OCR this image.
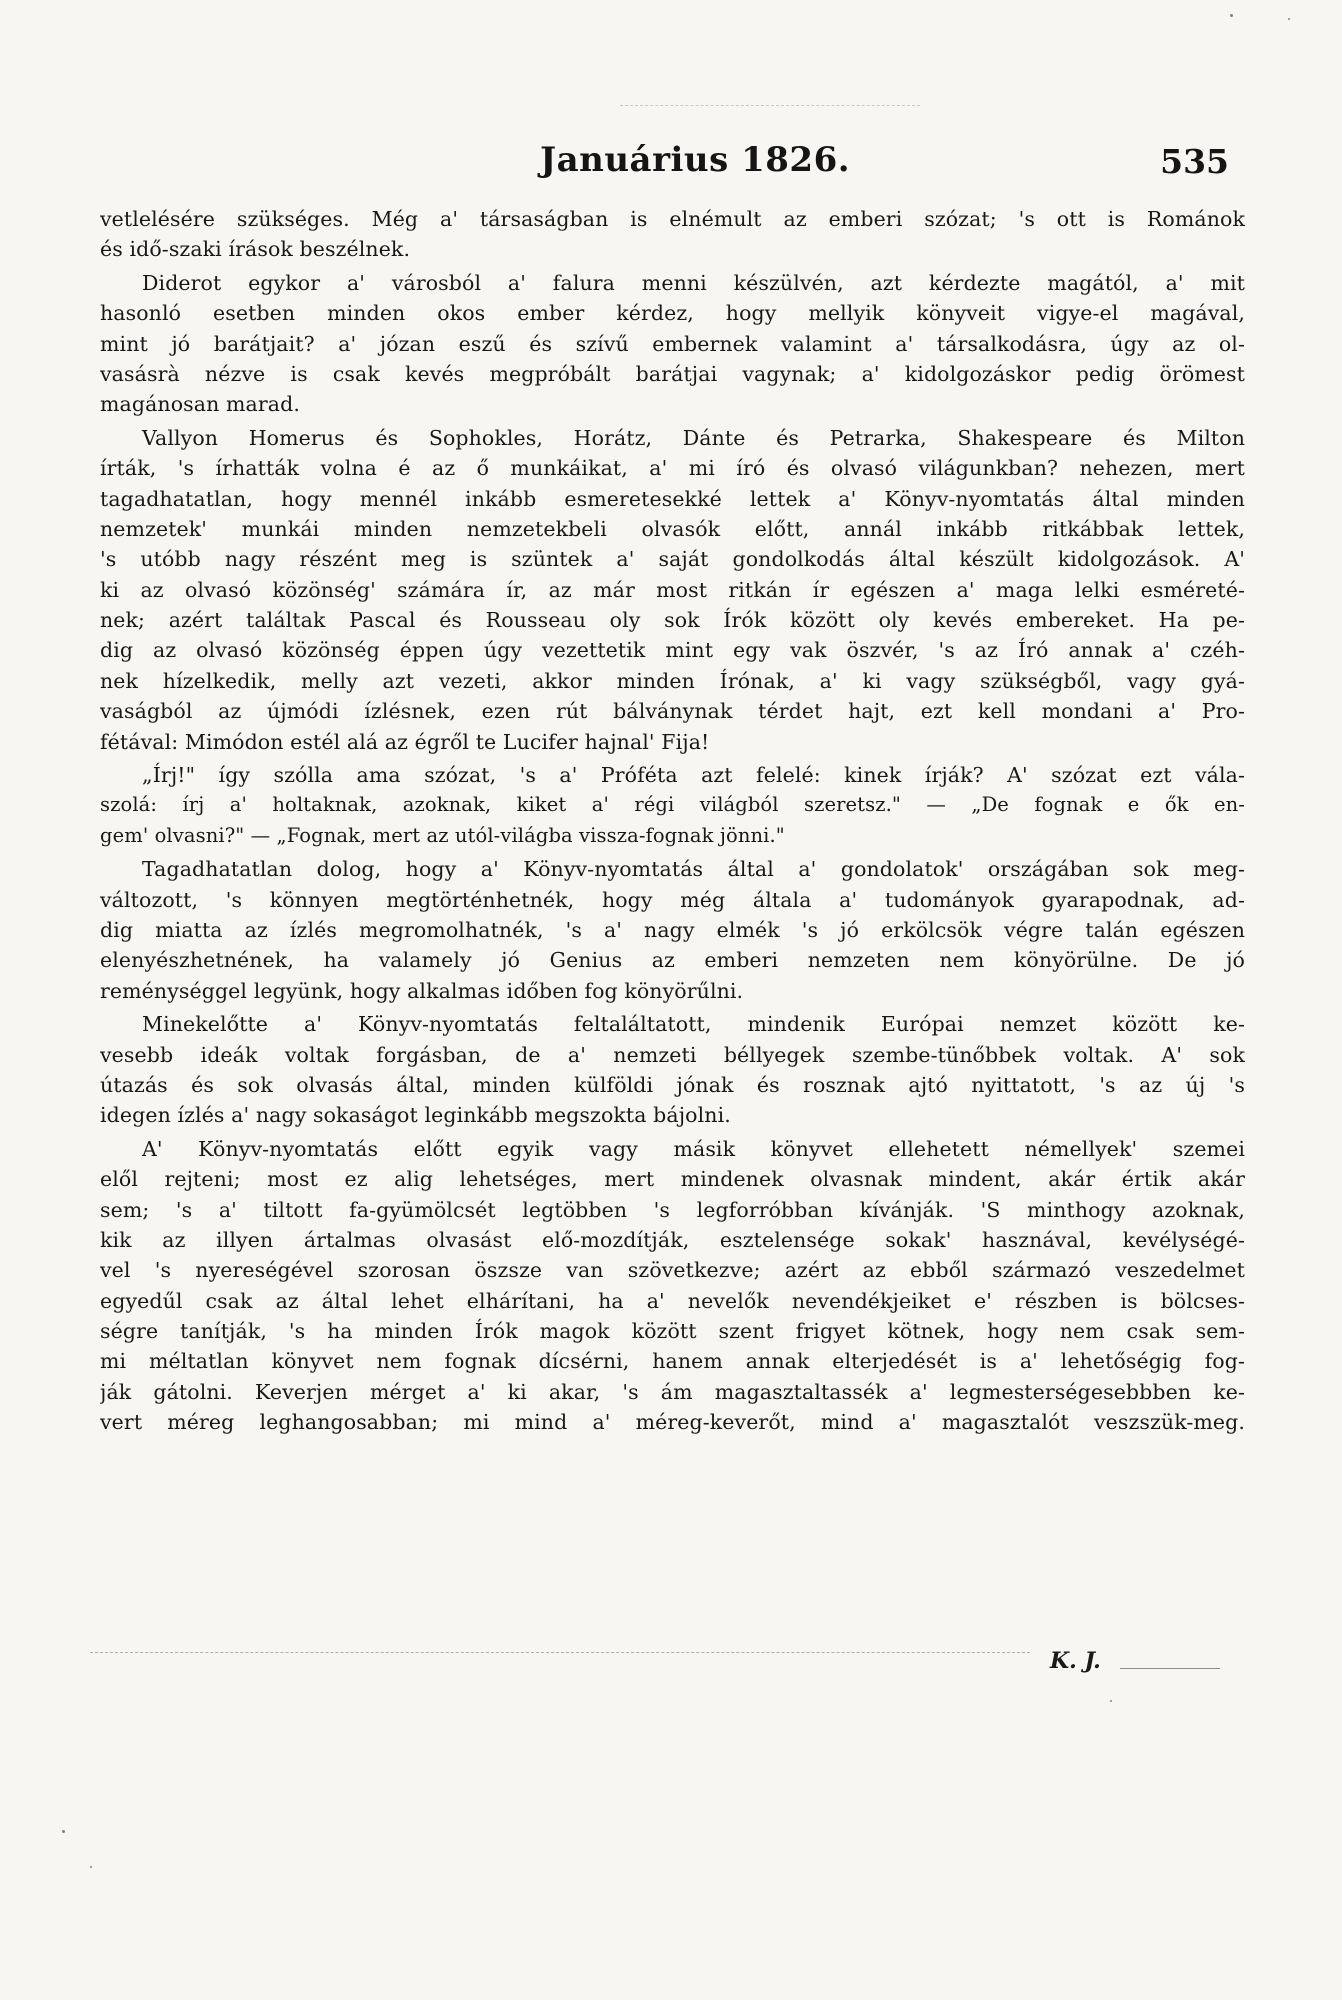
Januárius 1826.	535
vetlelésére szükséges. Még a' társaságban is elnémult az emberi szózat; 's ott is Románok
és idő-szaki írások beszélnek.
Diderot egykor a' városból a' falura menni készülvén, azt kérdezte magától, a' mit
hasonló esetben minden okos ember kérdez, hogy mellyik könyveit vigye-el magával,
mint jó barátjait? a' józan eszű és szívű embernek valamint a' társalkodásra, úgy az ol-
vasásrà nézve is csak kevés megpróbált barátjai vagynak; a' kidolgozáskor pedig örömest
magánosan marad.
Vallyon Homerus és Sophokles, Horátz, Dánte és Petrarka, Shakespeare és Milton
írták, 's írhatták volna é az ő munkáikat, a' mi író és olvasó világunkban? nehezen, mert
tagadhatatlan, hogy mennél inkább esmeretesekké lettek a' Könyv-nyomtatás által minden
nemzetek' munkái minden nemzetekbeli olvasók előtt, annál inkább ritkábbak lettek,
's utóbb nagy részént meg is szüntek a' saját gondolkodás által készült kidolgozások. A'
ki az olvasó közönség' számára ír, az már most ritkán ír egészen a' maga lelki esméreté-
nek; azért találtak Pascal és Rousseau oly sok Írók között oly kevés embereket. Ha pe-
dig az olvasó közönség éppen úgy vezettetik mint egy vak öszvér, 's az Író annak a' czéh-
nek hízelkedik, melly azt vezeti, akkor minden Írónak, a' ki vagy szükségből, vagy gyá-
vaságból az újmódi ízlésnek, ezen rút bálványnak térdet hajt, ezt kell mondani a' Pro-
fétával: Mimódon estél alá az égről te Lucifer hajnal' Fija!
„Írj!" így szólla ama szózat, 's a' Próféta azt felelé: kinek írják? A' szózat ezt vála-
szolá: írj a' holtaknak, azoknak, kiket a' régi világból szeretsz." — „De fognak e ők en-
gem' olvasni?" — „Fognak, mert az utól-világba vissza-fognak jönni."
Tagadhatatlan dolog, hogy a' Könyv-nyomtatás által a' gondolatok' országában sok meg-
változott, 's könnyen megtörténhetnék, hogy még általa a' tudományok gyarapodnak, ad-
dig miatta az ízlés megromolhatnék, 's a' nagy elmék 's jó erkölcsök végre talán egészen
elenyészhetnének, ha valamely jó Genius az emberi nemzeten nem könyörülne. De jó
reménységgel legyünk, hogy alkalmas időben fog könyörűlni.
Minekelőtte a' Könyv-nyomtatás feltaláltatott, mindenik Európai nemzet között ke-
vesebb ideák voltak forgásban, de a' nemzeti béllyegek szembe-tünőbbek voltak. A' sok
útazás és sok olvasás által, minden külföldi jónak és rosznak ajtó nyittatott, 's az új 's
idegen ízlés a' nagy sokaságot leginkább megszokta bájolni.
A' Könyv-nyomtatás előtt egyik vagy másik könyvet ellehetett némellyek' szemei
elől rejteni; most ez alig lehetséges, mert mindenek olvasnak mindent, akár értik akár
sem; 's a' tiltott fa-gyümölcsét legtöbben 's legforróbban kívánják. 'S minthogy azoknak,
kik az illyen ártalmas olvasást elő-mozdítják, esztelensége sokak' hasznával, kevélységé-
vel 's nyereségével szorosan öszsze van szövetkezve; azért az ebből származó veszedelmet
egyedűl csak az által lehet elhárítani, ha a' nevelők nevendékjeiket e' részben is bölcses-
ségre tanítják, 's ha minden Írók magok között szent frigyet kötnek, hogy nem csak sem-
mi méltatlan könyvet nem fognak dícsérni, hanem annak elterjedését is a' lehetőségig fog-
ják gátolni. Keverjen mérget a' ki akar, 's ám magasztaltassék a' legmesterségesebbben ke-
vert méreg leghangosabban; mi mind a' méreg-keverőt, mind a' magasztalót veszszük-meg.
K. J.
